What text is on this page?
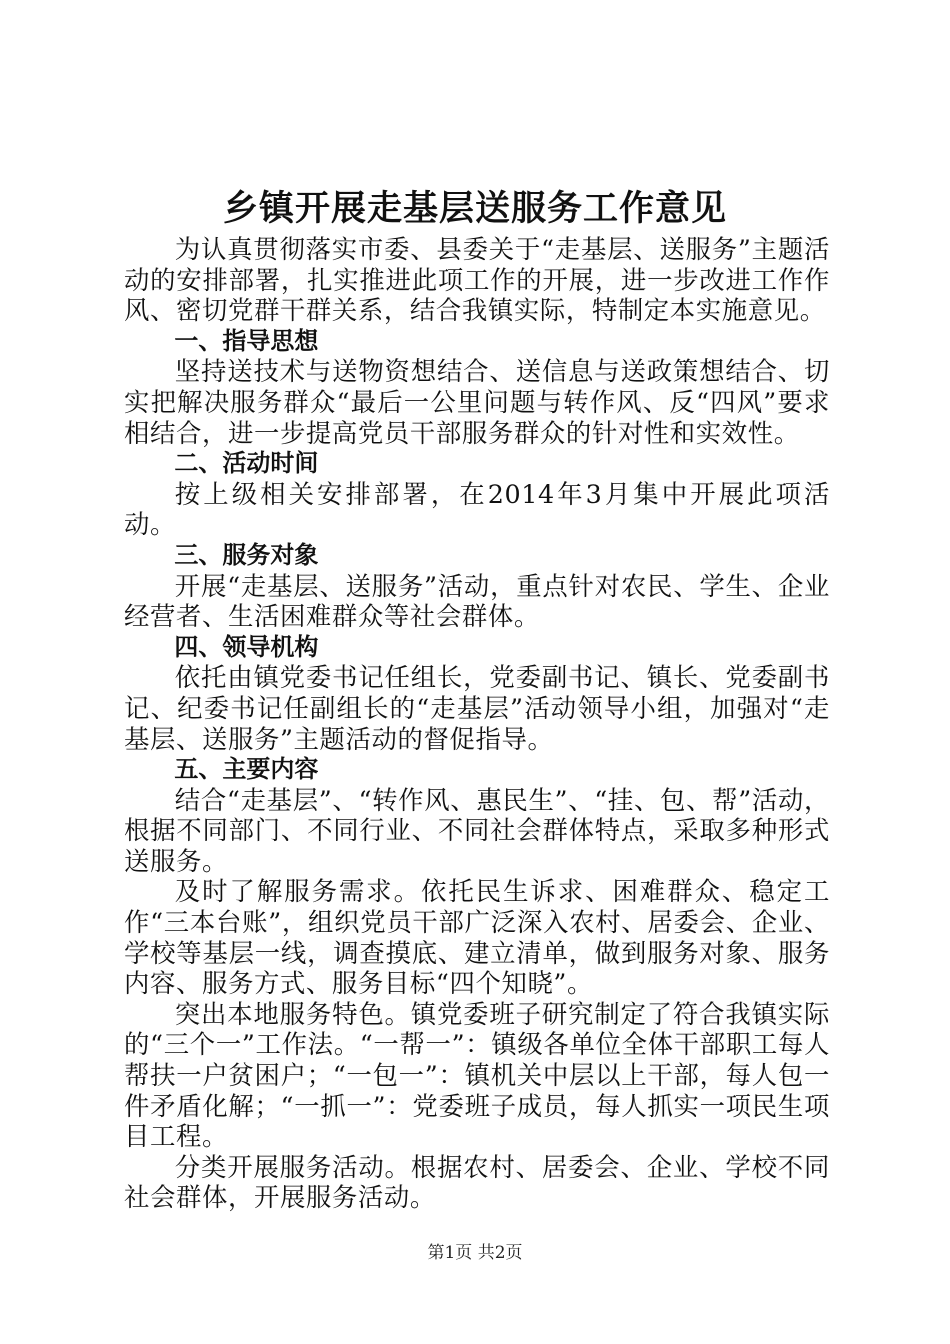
乡镇开展走基层送服务工作意见

为认真贯彻落实市委、县委关于“走基层、送服务”主题活动的安排部署，扎实推进此项工作的开展，进一步改进工作作风、密切党群干群关系，结合我镇实际，特制定本实施意见。

一、指导思想

坚持送技术与送物资想结合、送信息与送政策想结合、切实把解决服务群众“最后一公里问题与转作风、反“四风”要求相结合，进一步提高党员干部服务群众的针对性和实效性。

二、活动时间

按上级相关安排部署，在2014年3月集中开展此项活动。

三、服务对象

开展“走基层、送服务”活动，重点针对农民、学生、企业经营者、生活困难群众等社会群体。

四、领导机构

依托由镇党委书记任组长，党委副书记、镇长、党委副书记、纪委书记任副组长的“走基层”活动领导小组，加强对“走基层、送服务”主题活动的督促指导。

五、主要内容

结合“走基层”、“转作风、惠民生”、“挂、包、帮”活动，根据不同部门、不同行业、不同社会群体特点，采取多种形式送服务。

及时了解服务需求。依托民生诉求、困难群众、稳定工作“三本台账”，组织党员干部广泛深入农村、居委会、企业、学校等基层一线，调查摸底、建立清单，做到服务对象、服务内容、服务方式、服务目标“四个知晓”。

突出本地服务特色。镇党委班子研究制定了符合我镇实际的“三个一”工作法。“一帮一”：镇级各单位全体干部职工每人帮扶一户贫困户；“一包一”：镇机关中层以上干部，每人包一件矛盾化解；“一抓一”：党委班子成员，每人抓实一项民生项目工程。

分类开展服务活动。根据农村、居委会、企业、学校不同社会群体，开展服务活动。

第1页 共2页
